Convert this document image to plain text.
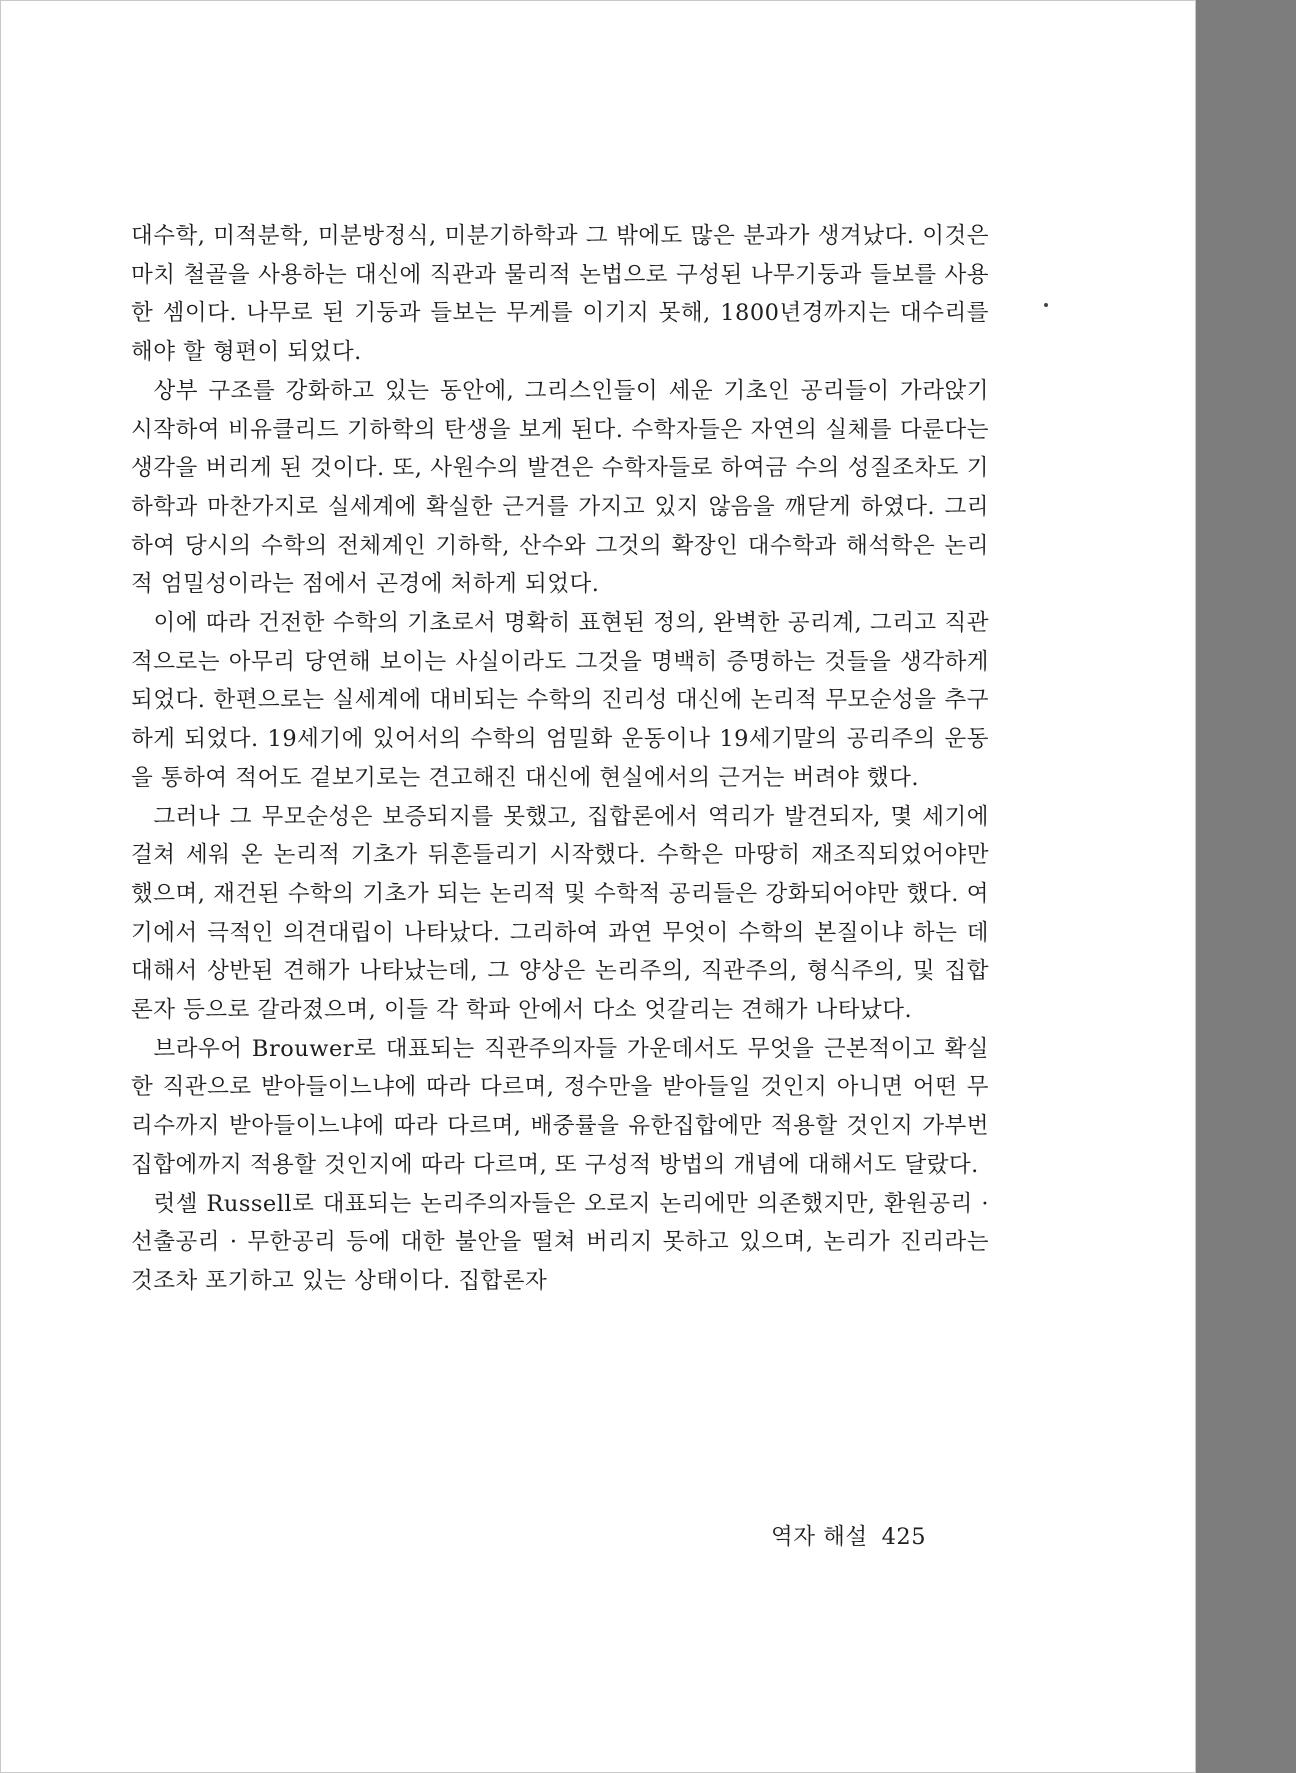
대수학, 미적분학, 미분방정식, 미분기하학과 그 밖에도 많은 분과가 생겨났다. 이것은 마치 철골을 사용하는 대신에 직관과 물리적 논법으로 구성된 나무기둥과 들보를 사용한 셈이다. 나무로 된 기둥과 들보는 무게를 이기지 못해, 1800년경까지는 대수리를 해야 할 형편이 되었다.

상부 구조를 강화하고 있는 동안에, 그리스인들이 세운 기초인 공리들이 가라앉기 시작하여 비유클리드 기하학의 탄생을 보게 된다. 수학자들은 자연의 실체를 다룬다는 생각을 버리게 된 것이다. 또, 사원수의 발견은 수학자들로 하여금 수의 성질조차도 기하학과 마찬가지로 실세계에 확실한 근거를 가지고 있지 않음을 깨닫게 하였다. 그리하여 당시의 수학의 전체계인 기하학, 산수와 그것의 확장인 대수학과 해석학은 논리적 엄밀성이라는 점에서 곤경에 처하게 되었다.

이에 따라 건전한 수학의 기초로서 명확히 표현된 정의, 완벽한 공리계, 그리고 직관적으로는 아무리 당연해 보이는 사실이라도 그것을 명백히 증명하는 것들을 생각하게 되었다. 한편으로는 실세계에 대비되는 수학의 진리성 대신에 논리적 무모순성을 추구하게 되었다. 19세기에 있어서의 수학의 엄밀화 운동이나 19세기말의 공리주의 운동을 통하여 적어도 겉보기로는 견고해진 대신에 현실에서의 근거는 버려야 했다.

그러나 그 무모순성은 보증되지를 못했고, 집합론에서 역리가 발견되자, 몇 세기에 걸쳐 세워 온 논리적 기초가 뒤흔들리기 시작했다. 수학은 마땅히 재조직되었어야만 했으며, 재건된 수학의 기초가 되는 논리적 및 수학적 공리들은 강화되어야만 했다. 여기에서 극적인 의견대립이 나타났다. 그리하여 과연 무엇이 수학의 본질이냐 하는 데 대해서 상반된 견해가 나타났는데, 그 양상은 논리주의, 직관주의, 형식주의, 및 집합론자 등으로 갈라졌으며, 이들 각 학파 안에서 다소 엇갈리는 견해가 나타났다.

브라우어 Brouwer로 대표되는 직관주의자들 가운데서도 무엇을 근본적이고 확실한 직관으로 받아들이느냐에 따라 다르며, 정수만을 받아들일 것인지 아니면 어떤 무리수까지 받아들이느냐에 따라 다르며, 배중률을 유한집합에만 적용할 것인지 가부번집합에까지 적용할 것인지에 따라 다르며, 또 구성적 방법의 개념에 대해서도 달랐다.

럿셀 Russell로 대표되는 논리주의자들은 오로지 논리에만 의존했지만, 환원공리 · 선출공리 · 무한공리 등에 대한 불안을 떨쳐 버리지 못하고 있으며, 논리가 진리라는 것조차 포기하고 있는 상태이다. 집합론자

역자 해설 425
